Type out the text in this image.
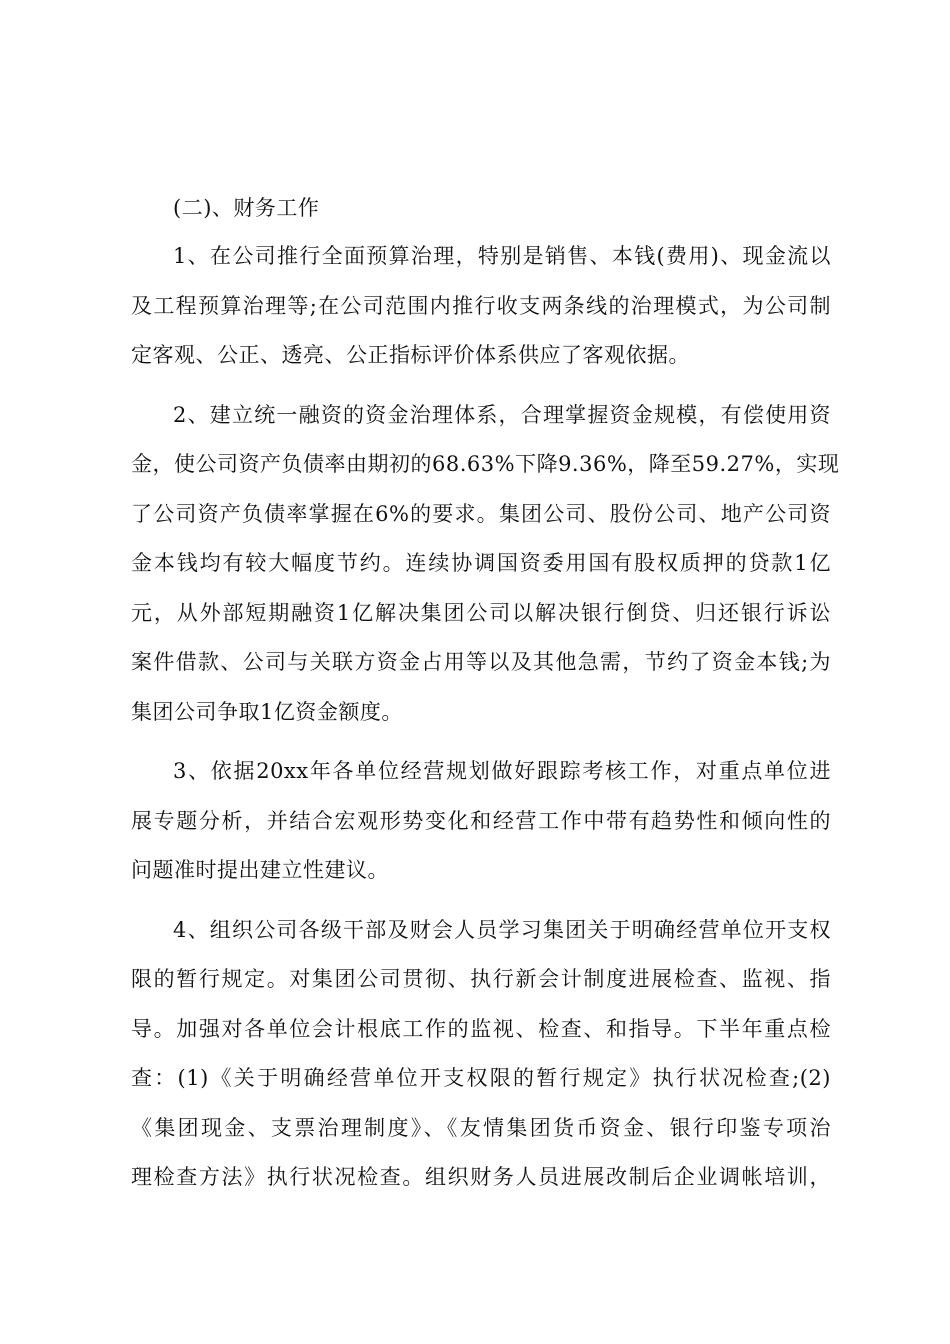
(二)、财务工作

1、在公司推行全面预算治理，特别是销售、本钱(费用)、现金流以

及工程预算治理等;在公司范围内推行收支两条线的治理模式，为公司制

定客观、公正、透亮、公正指标评价体系供应了客观依据。

2、建立统一融资的资金治理体系，合理掌握资金规模，有偿使用资

金，使公司资产负债率由期初的68.63%下降9.36%，降至59.27%，实现

了公司资产负债率掌握在6%的要求。集团公司、股份公司、地产公司资

金本钱均有较大幅度节约。连续协调国资委用国有股权质押的贷款1亿

元，从外部短期融资1亿解决集团公司以解决银行倒贷、归还银行诉讼

案件借款、公司与关联方资金占用等以及其他急需，节约了资金本钱;为

集团公司争取1亿资金额度。

3、依据20xx年各单位经营规划做好跟踪考核工作，对重点单位进

展专题分析，并结合宏观形势变化和经营工作中带有趋势性和倾向性的

问题准时提出建立性建议。

4、组织公司各级干部及财会人员学习集团关于明确经营单位开支权

限的暂行规定。对集团公司贯彻、执行新会计制度进展检查、监视、指

导。加强对各单位会计根底工作的监视、检查、和指导。下半年重点检

查：(1)《关于明确经营单位开支权限的暂行规定》执行状况检查;(2)

《集团现金、支票治理制度》、《友情集团货币资金、银行印鉴专项治

理检查方法》执行状况检查。组织财务人员进展改制后企业调帐培训，
